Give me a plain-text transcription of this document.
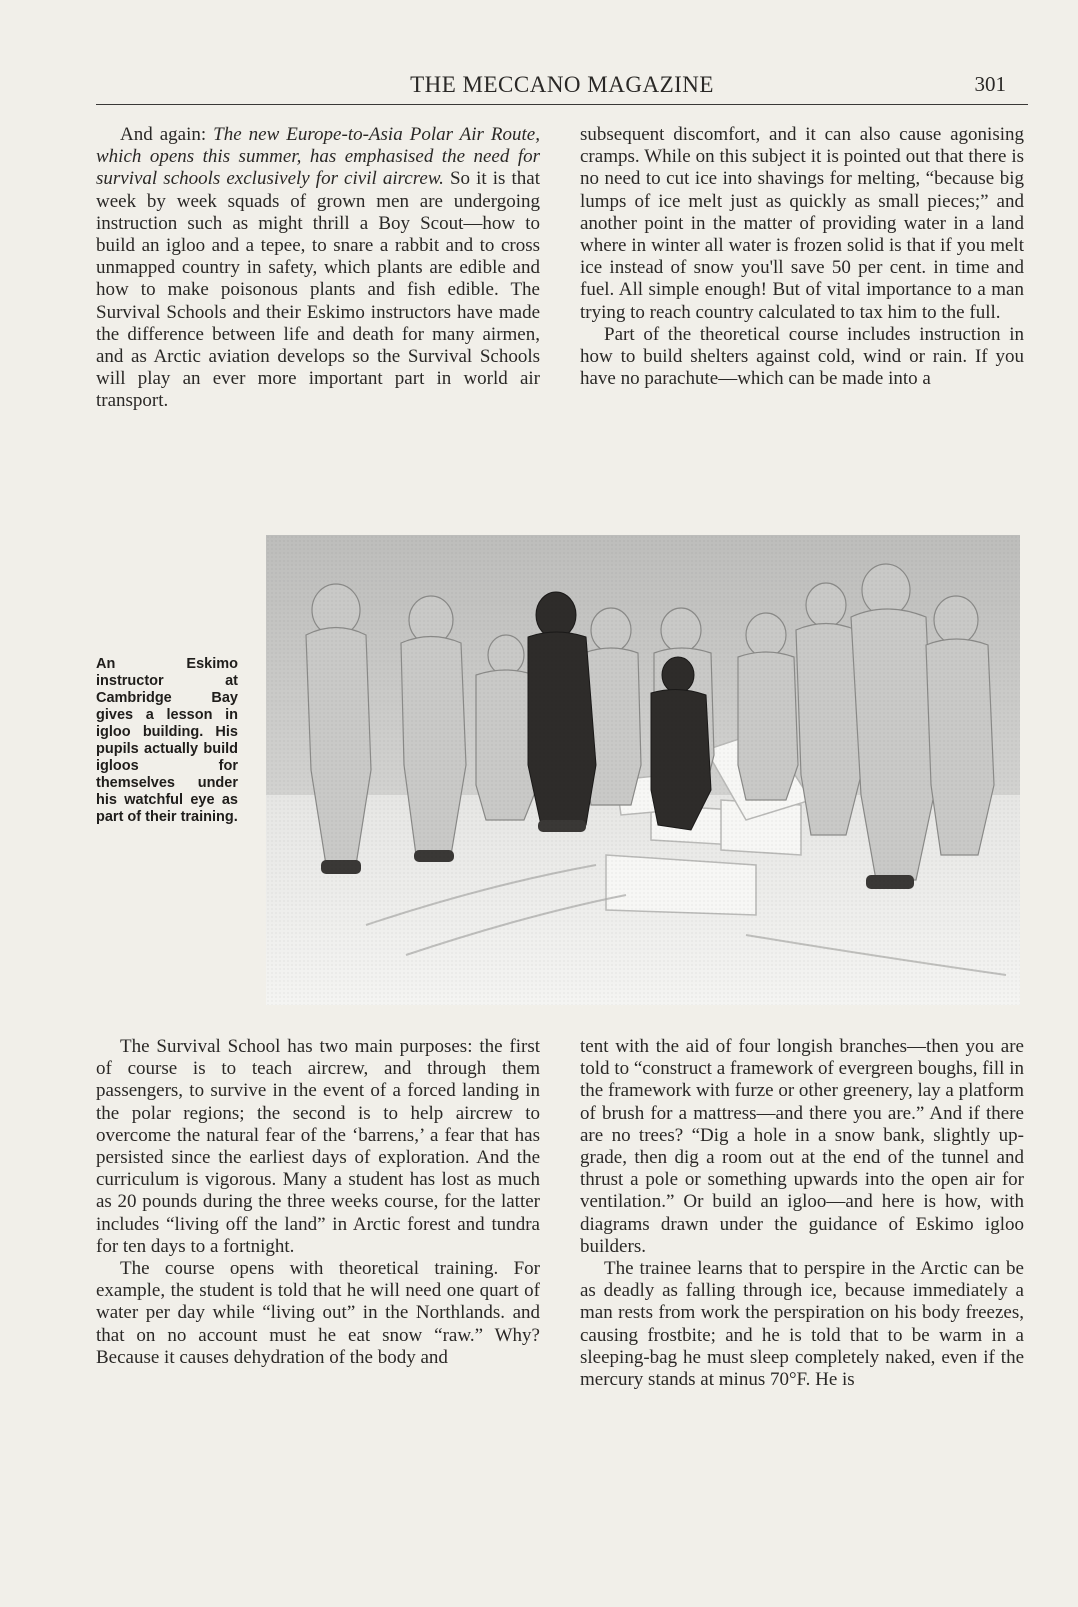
THE MECCANO MAGAZINE	301

And again: The new Europe-to-Asia Polar Air Route, which opens this summer, has emphasised the need for survival schools exclusively for civil aircrew. So it is that week by week squads of grown men are undergoing instruction such as might thrill a Boy Scout—how to build an igloo and a tepee, to snare a rabbit and to cross unmapped country in safety, which plants are edible and how to make poisonous plants and fish edible. The Survival Schools and their Eskimo instructors have made the difference between life and death for many airmen, and as Arctic aviation develops so the Survival Schools will play an ever more important part in world air transport.

subsequent discomfort, and it can also cause agonising cramps. While on this subject it is pointed out that there is no need to cut ice into shavings for melting, “because big lumps of ice melt just as quickly as small pieces;” and another point in the matter of providing water in a land where in winter all water is frozen solid is that if you melt ice instead of snow you'll save 50 per cent. in time and fuel. All simple enough! But of vital importance to a man trying to reach country calculated to tax him to the full.

Part of the theoretical course includes instruction in how to build shelters against cold, wind or rain. If you have no parachute—which can be made into a

An Eskimo instructor at Cambridge Bay gives a lesson in igloo building. His pupils actually build igloos for themselves under his watchful eye as part of their training.

The Survival School has two main purposes: the first of course is to teach aircrew, and through them passengers, to survive in the event of a forced landing in the polar regions; the second is to help aircrew to overcome the natural fear of the ‘barrens,’ a fear that has persisted since the earliest days of exploration. And the curriculum is vigorous. Many a student has lost as much as 20 pounds during the three weeks course, for the latter includes “living off the land” in Arctic forest and tundra for ten days to a fortnight.

The course opens with theoretical training. For example, the student is told that he will need one quart of water per day while “living out” in the Northlands. and that on no account must he eat snow “raw.” Why? Because it causes dehydration of the body and

tent with the aid of four longish branches—then you are told to “construct a framework of evergreen boughs, fill in the framework with furze or other greenery, lay a platform of brush for a mattress—and there you are.” And if there are no trees? “Dig a hole in a snow bank, slightly up-grade, then dig a room out at the end of the tunnel and thrust a pole or something upwards into the open air for ventilation.” Or build an igloo—and here is how, with diagrams drawn under the guidance of Eskimo igloo builders.

The trainee learns that to perspire in the Arctic can be as deadly as falling through ice, because immediately a man rests from work the perspiration on his body freezes, causing frostbite; and he is told that to be warm in a sleeping-bag he must sleep completely naked, even if the mercury stands at minus 70°F. He is
